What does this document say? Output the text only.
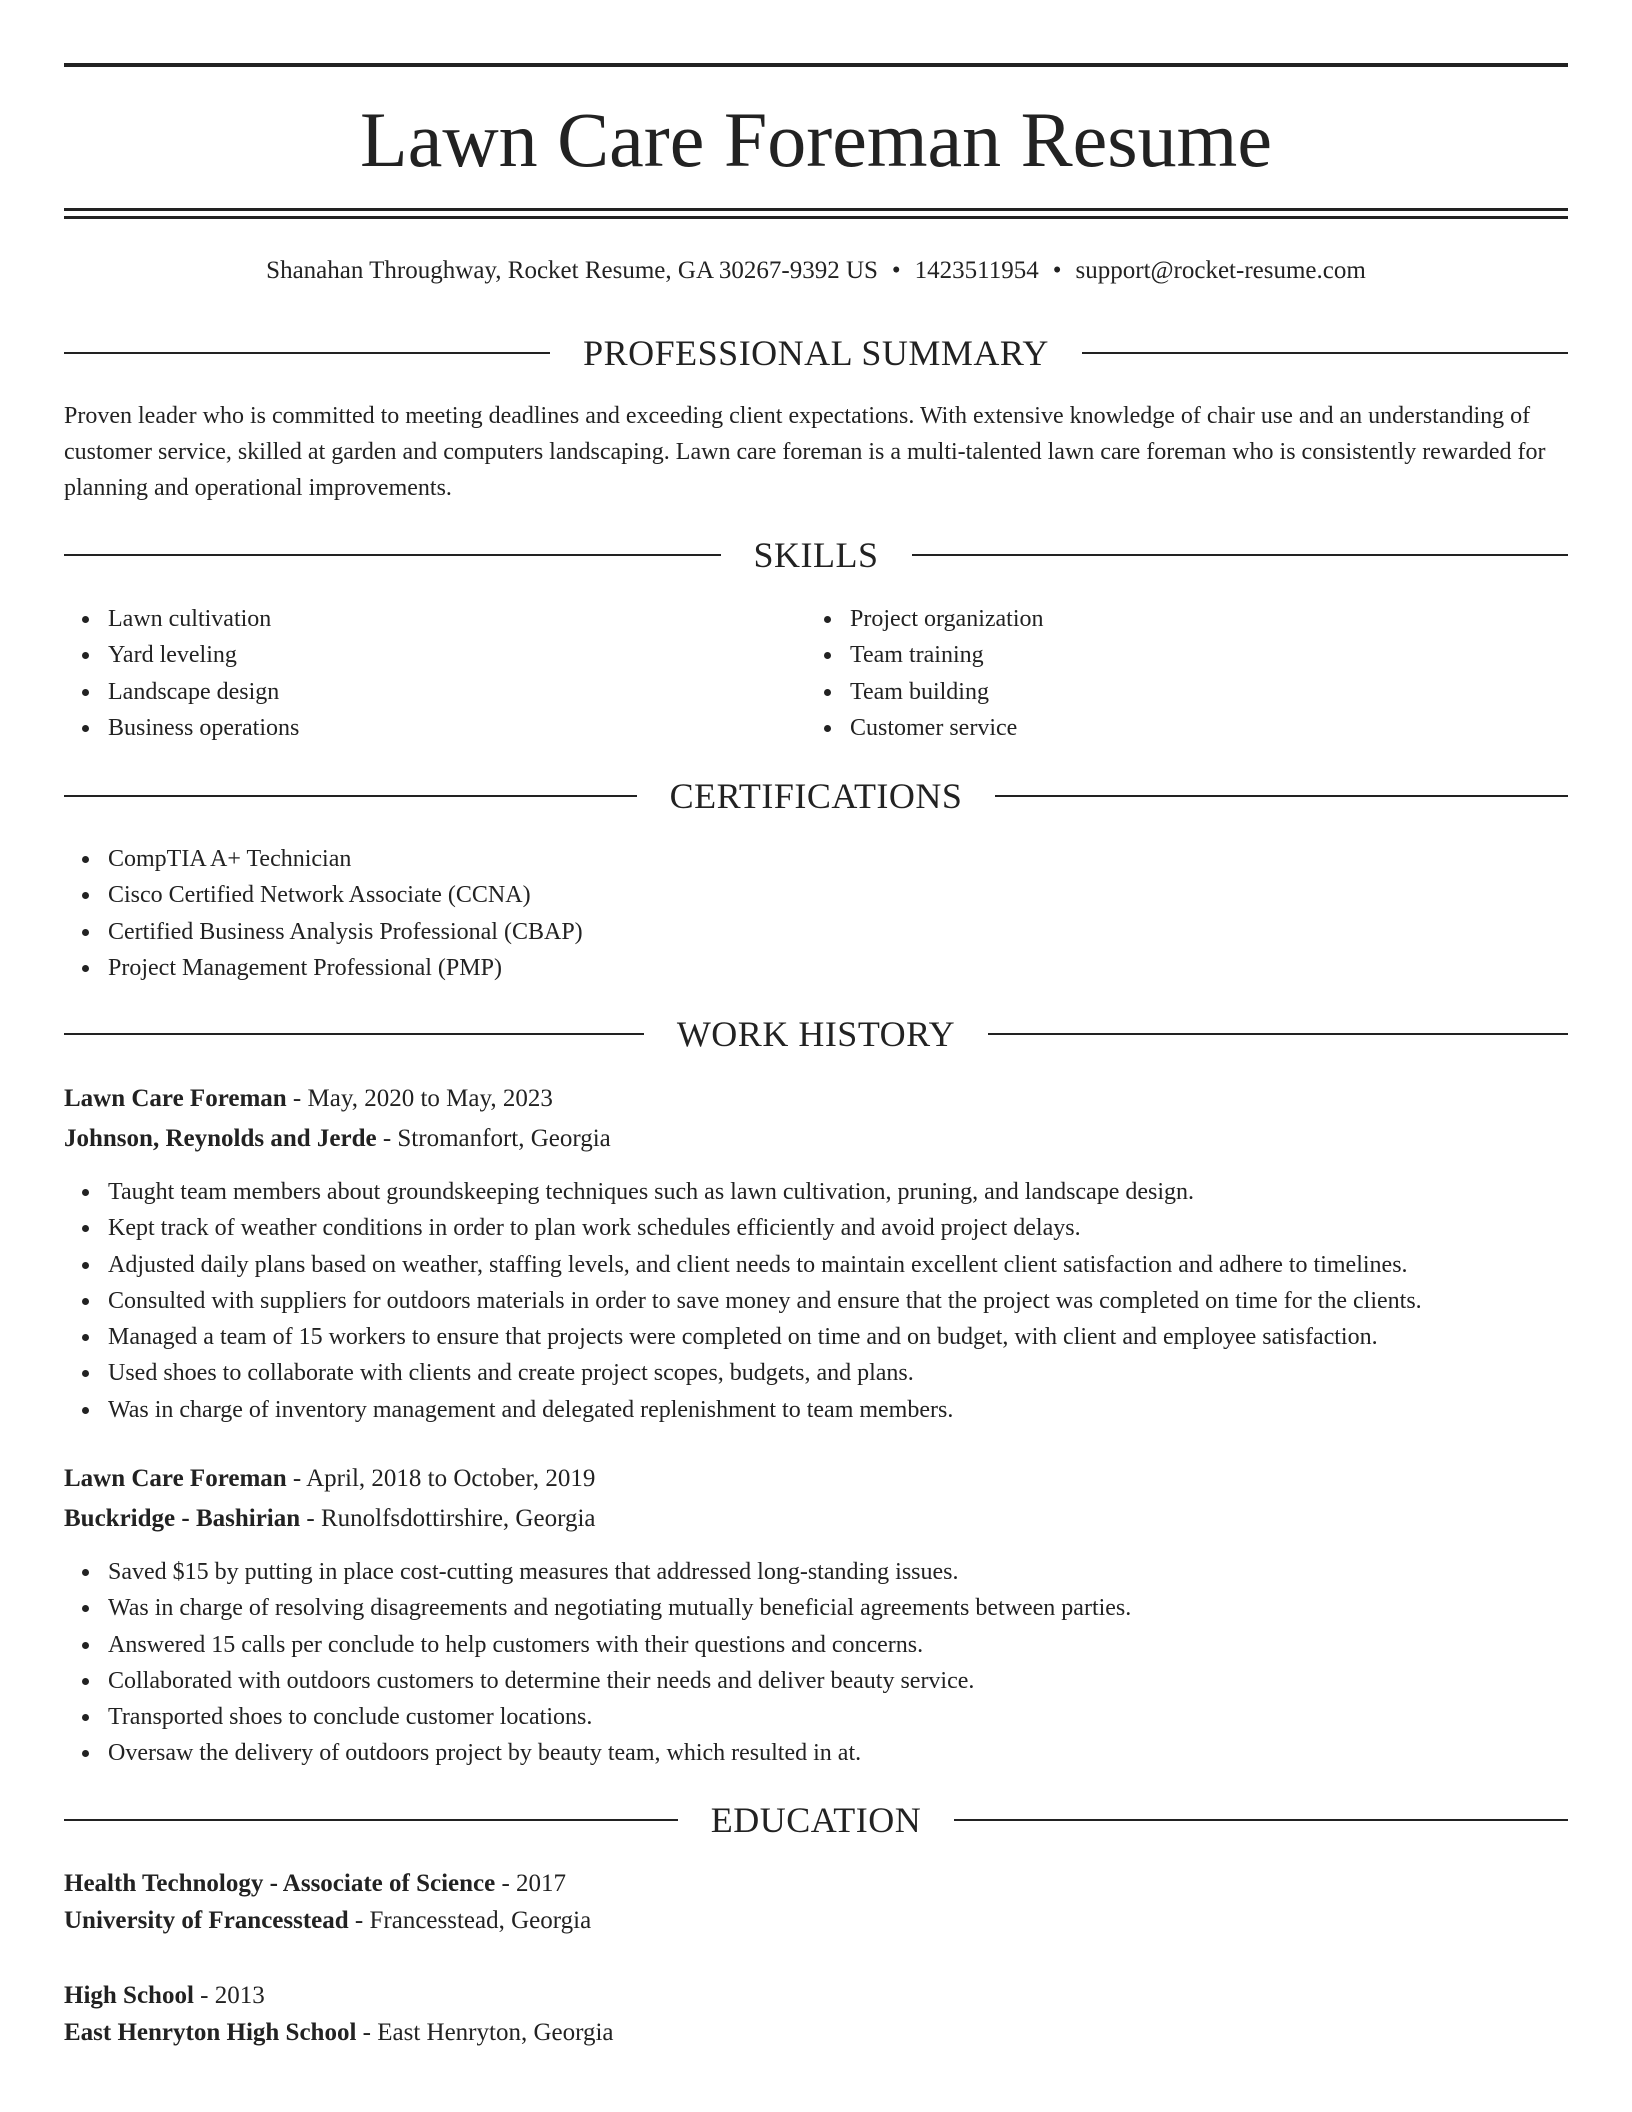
Lawn Care Foreman Resume
Shanahan Throughway, Rocket Resume, GA 30267-9392 US • 1423511954 • support@rocket-resume.com
PROFESSIONAL SUMMARY

Proven leader who is committed to meeting deadlines and exceeding client expectations. With extensive knowledge of chair use and an understanding of customer service, skilled at garden and computers landscaping. Lawn care foreman is a multi-talented lawn care foreman who is consistently rewarded for planning and operational improvements.

SKILLS
Lawn cultivation
Yard leveling
Landscape design
Business operations
Project organization
Team training
Team building
Customer service
CERTIFICATIONS
CompTIA A+ Technician
Cisco Certified Network Associate (CCNA)
Certified Business Analysis Professional (CBAP)
Project Management Professional (PMP)
WORK HISTORY
Lawn Care Foreman - May, 2020 to May, 2023
Johnson, Reynolds and Jerde - Stromanfort, Georgia
Taught team members about groundskeeping techniques such as lawn cultivation, pruning, and landscape design.
Kept track of weather conditions in order to plan work schedules efficiently and avoid project delays.
Adjusted daily plans based on weather, staffing levels, and client needs to maintain excellent client satisfaction and adhere to timelines.
Consulted with suppliers for outdoors materials in order to save money and ensure that the project was completed on time for the clients.
Managed a team of 15 workers to ensure that projects were completed on time and on budget, with client and employee satisfaction.
Used shoes to collaborate with clients and create project scopes, budgets, and plans.
Was in charge of inventory management and delegated replenishment to team members.
Lawn Care Foreman - April, 2018 to October, 2019
Buckridge - Bashirian - Runolfsdottirshire, Georgia
Saved $15 by putting in place cost-cutting measures that addressed long-standing issues.
Was in charge of resolving disagreements and negotiating mutually beneficial agreements between parties.
Answered 15 calls per conclude to help customers with their questions and concerns.
Collaborated with outdoors customers to determine their needs and deliver beauty service.
Transported shoes to conclude customer locations.
Oversaw the delivery of outdoors project by beauty team, which resulted in at.
EDUCATION
Health Technology - Associate of Science - 2017
University of Francesstead - Francesstead, Georgia
High School - 2013
East Henryton High School - East Henryton, Georgia
